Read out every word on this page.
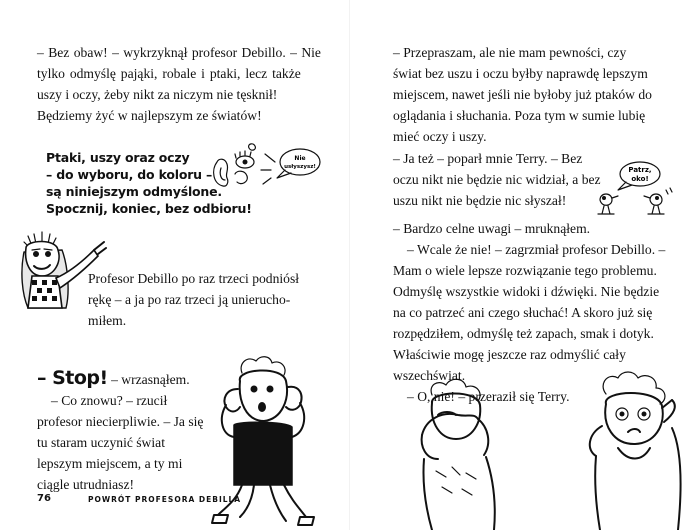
– Bez obaw! – wykrzyknął profesor Debillo. – Nie
tylko odmyślę pająki, robale i ptaki, lecz także
uszy i oczy, żeby nikt za niczym nie tęsknił!
Będziemy żyć w najlepszym ze światów!
Ptaki, uszy oraz oczy
– do wyboru, do koloru –
są niniejszym odmyślone.
Spocznij, koniec, bez odbioru!
Nie
usłyszysz!
Profesor Debillo po raz trzeci podniósł
rękę – a ja po raz trzeci ją unierucho-
miłem.
– Stop! – wrzasnąłem.
– Co znowu? – rzucił
profesor niecierpliwie. – Ja się
tu staram uczynić świat
lepszym miejscem, a ty mi
ciągle utrudniasz!
76	POWRÓT PROFESORA DEBILLA
– Przepraszam, ale nie mam pewności, czy
świat bez uszu i oczu byłby naprawdę lepszym
miejscem, nawet jeśli nie byłoby już ptaków do
oglądania i słuchania. Poza tym w sumie lubię
mieć oczy i uszy.
– Ja też – poparł mnie Terry. – Bez
oczu nikt nie będzie nic widział, a bez
uszu nikt nie będzie nic słyszał!
Patrz,
oko!
– Bardzo celne uwagi – mruknąłem.
– Wcale że nie! – zagrzmiał profesor Debillo. –
Mam o wiele lepsze rozwiązanie tego problemu.
Odmyślę wszystkie widoki i dźwięki. Nie będzie
na co patrzeć ani czego słuchać! A skoro już się
rozpędziłem, odmyślę też zapach, smak i dotyk.
Właściwie mogę jeszcze raz odmyślić cały
wszechświat.
– O, nie! – przeraził się Terry.
